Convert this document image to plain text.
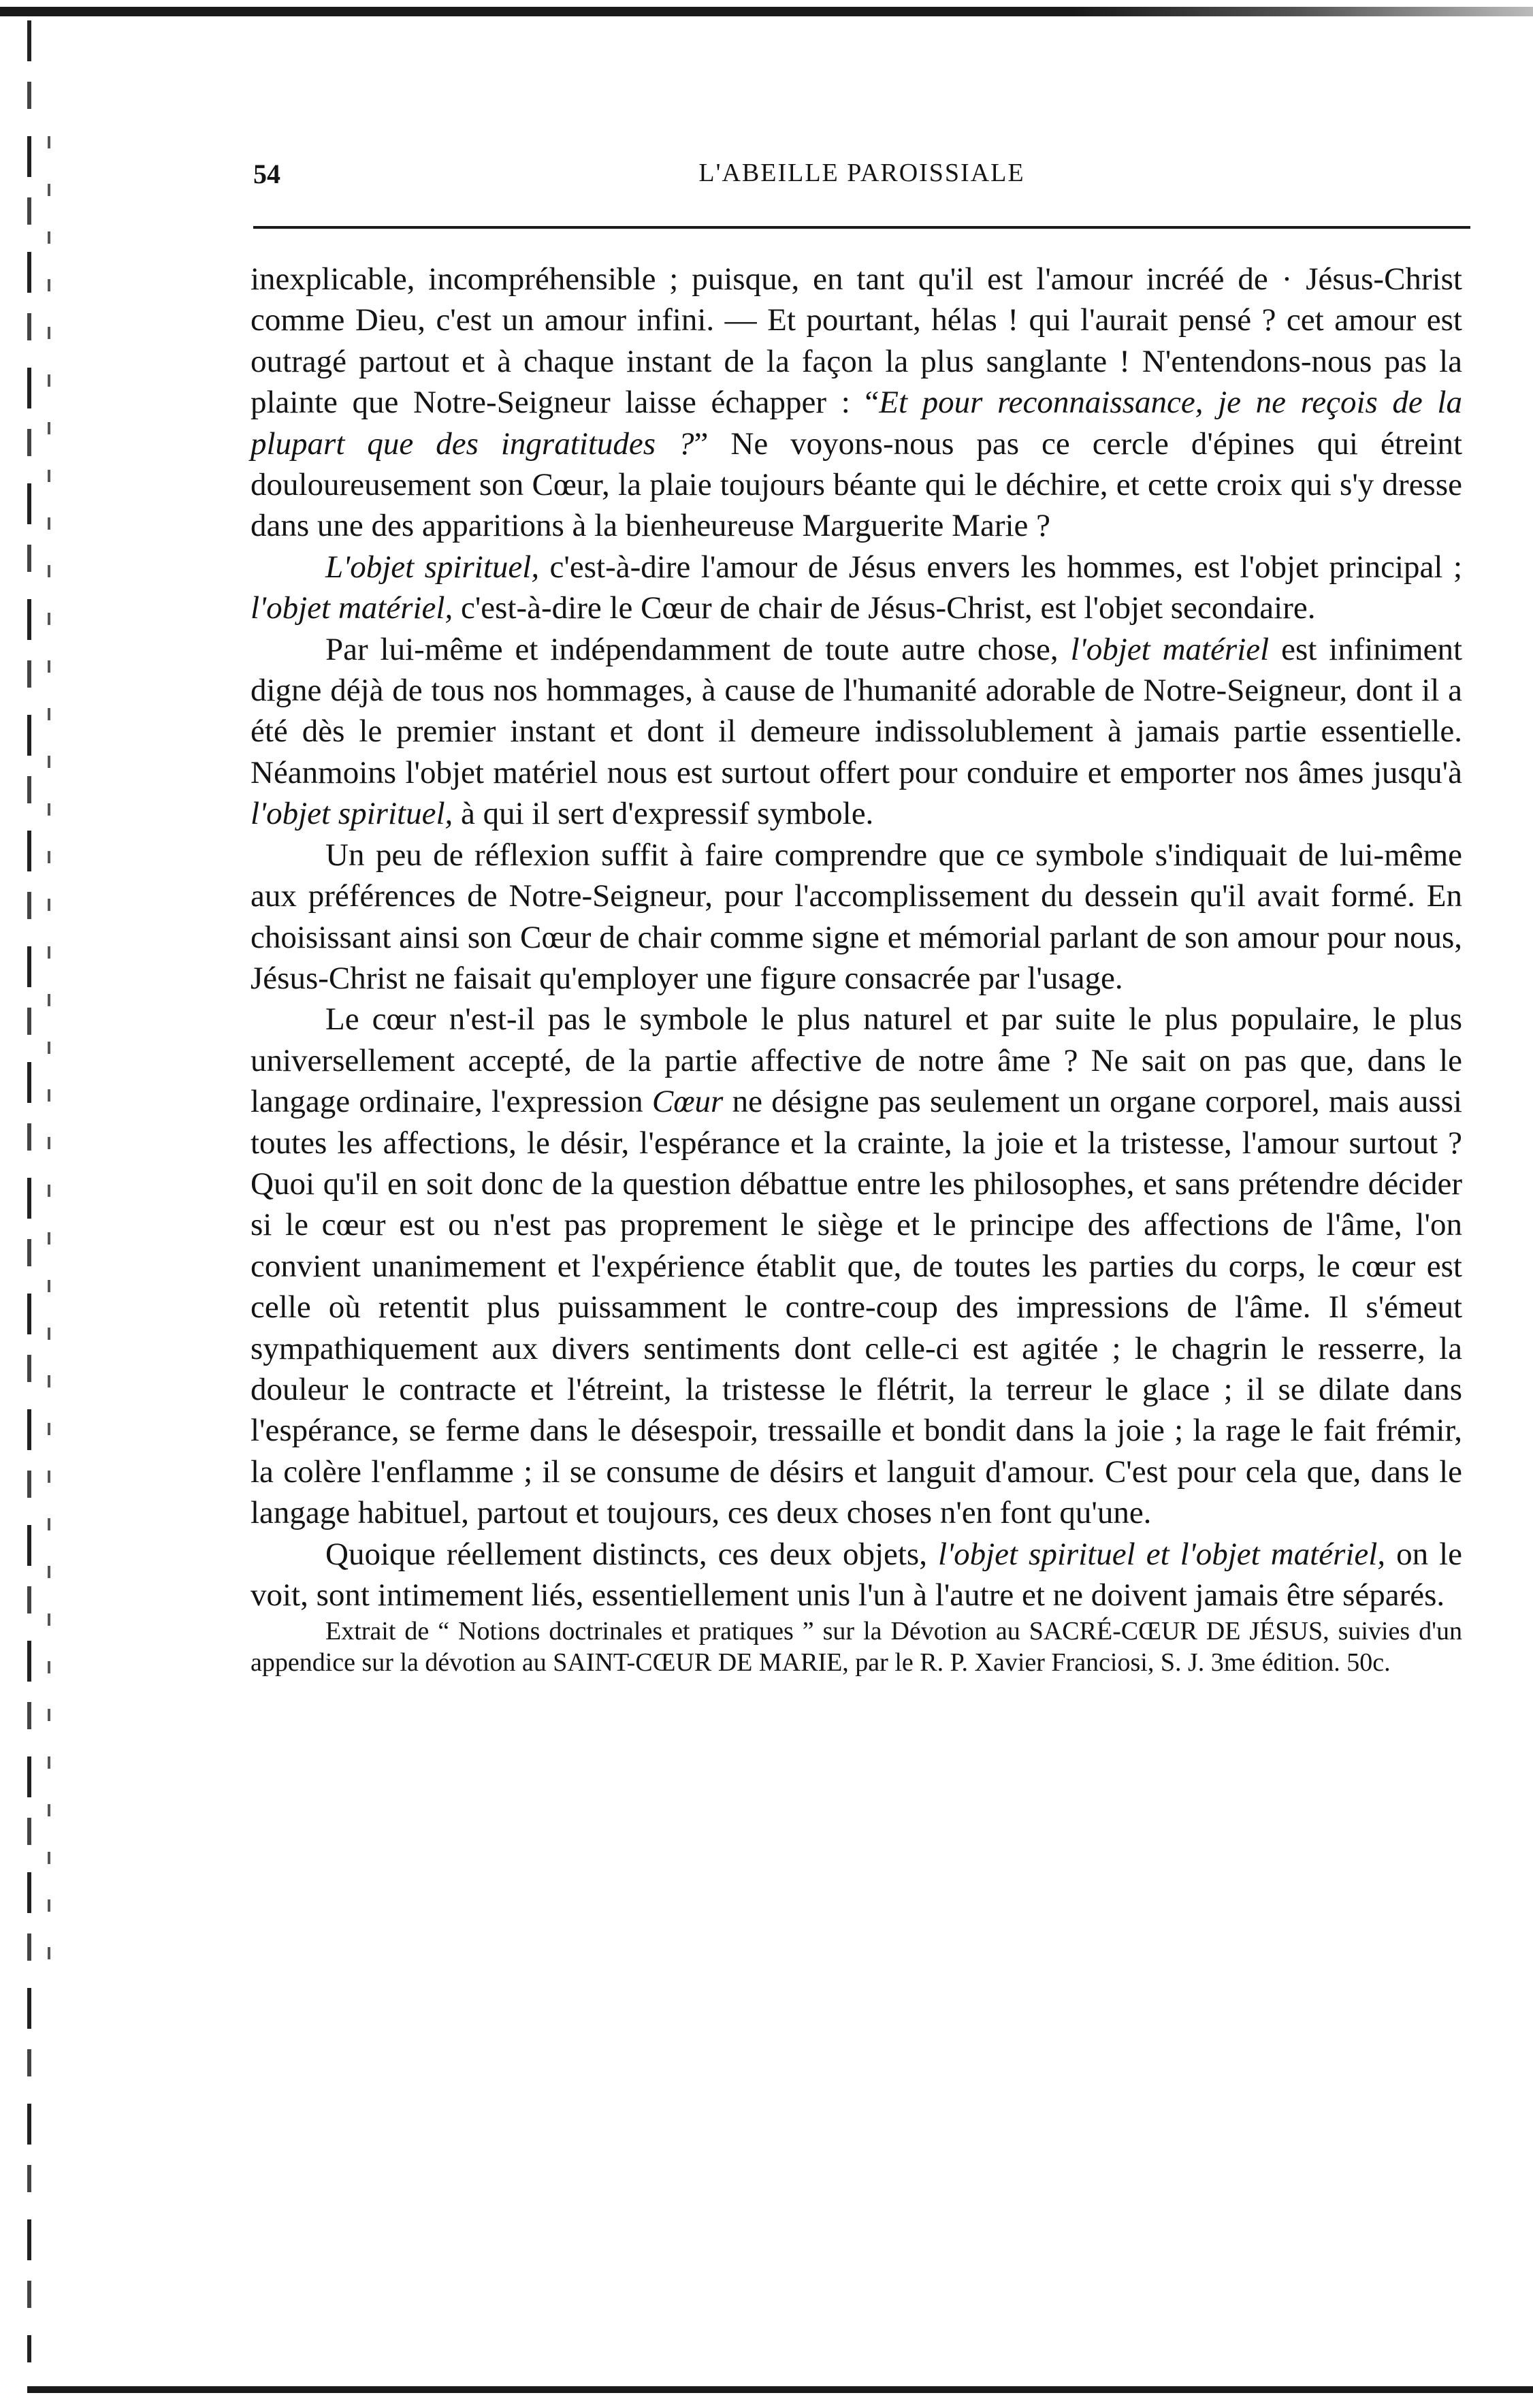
54	L'ABEILLE PAROISSIALE

inexplicable, incompréhensible ; puisque, en tant qu'il est l'amour incréé de · Jésus-Christ comme Dieu, c'est un amour infini. — Et pourtant, hélas ! qui l'aurait pensé ? cet amour est outragé partout et à chaque instant de la façon la plus sanglante ! N'entendons-nous pas la plainte que Notre-Seigneur laisse échapper : “Et pour reconnaissance, je ne reçois de la plupart que des ingratitudes ?” Ne voyons-nous pas ce cercle d'épines qui étreint douloureusement son Cœur, la plaie toujours béante qui le déchire, et cette croix qui s'y dresse dans une des apparitions à la bienheureuse Marguerite Marie ?

L'objet spirituel, c'est-à-dire l'amour de Jésus envers les hommes, est l'objet principal ; l'objet matériel, c'est-à-dire le Cœur de chair de Jésus-Christ, est l'objet secondaire.

Par lui-même et indépendamment de toute autre chose, l'objet matériel est infiniment digne déjà de tous nos hommages, à cause de l'humanité adorable de Notre-Seigneur, dont il a été dès le premier instant et dont il demeure indissolublement à jamais partie essentielle. Néanmoins l'objet matériel nous est surtout offert pour conduire et emporter nos âmes jusqu'à l'objet spirituel, à qui il sert d'expressif symbole.

Un peu de réflexion suffit à faire comprendre que ce symbole s'indiquait de lui-même aux préférences de Notre-Seigneur, pour l'accomplissement du dessein qu'il avait formé. En choisissant ainsi son Cœur de chair comme signe et mémorial parlant de son amour pour nous, Jésus-Christ ne faisait qu'employer une figure consacrée par l'usage.

Le cœur n'est-il pas le symbole le plus naturel et par suite le plus populaire, le plus universellement accepté, de la partie affective de notre âme ? Ne sait on pas que, dans le langage ordinaire, l'expression Cœur ne désigne pas seulement un organe corporel, mais aussi toutes les affections, le désir, l'espérance et la crainte, la joie et la tristesse, l'amour surtout ? Quoi qu'il en soit donc de la question débattue entre les philosophes, et sans prétendre décider si le cœur est ou n'est pas proprement le siège et le principe des affections de l'âme, l'on convient unanimement et l'expérience établit que, de toutes les parties du corps, le cœur est celle où retentit plus puissamment le contre-coup des impressions de l'âme. Il s'émeut sympathiquement aux divers sentiments dont celle-ci est agitée ; le chagrin le resserre, la douleur le contracte et l'étreint, la tristesse le flétrit, la terreur le glace ; il se dilate dans l'espérance, se ferme dans le désespoir, tressaille et bondit dans la joie ; la rage le fait frémir, la colère l'enflamme ; il se consume de désirs et languit d'amour. C'est pour cela que, dans le langage habituel, partout et toujours, ces deux choses n'en font qu'une.

Quoique réellement distincts, ces deux objets, l'objet spirituel et l'objet matériel, on le voit, sont intimement liés, essentiellement unis l'un à l'autre et ne doivent jamais être séparés.

Extrait de “ Notions doctrinales et pratiques ” sur la Dévotion au SACRÉ-CŒUR DE JÉSUS, suivies d'un appendice sur la dévotion au SAINT-CŒUR DE MARIE, par le R. P. Xavier Franciosi, S. J. 3me édition. 50c.
